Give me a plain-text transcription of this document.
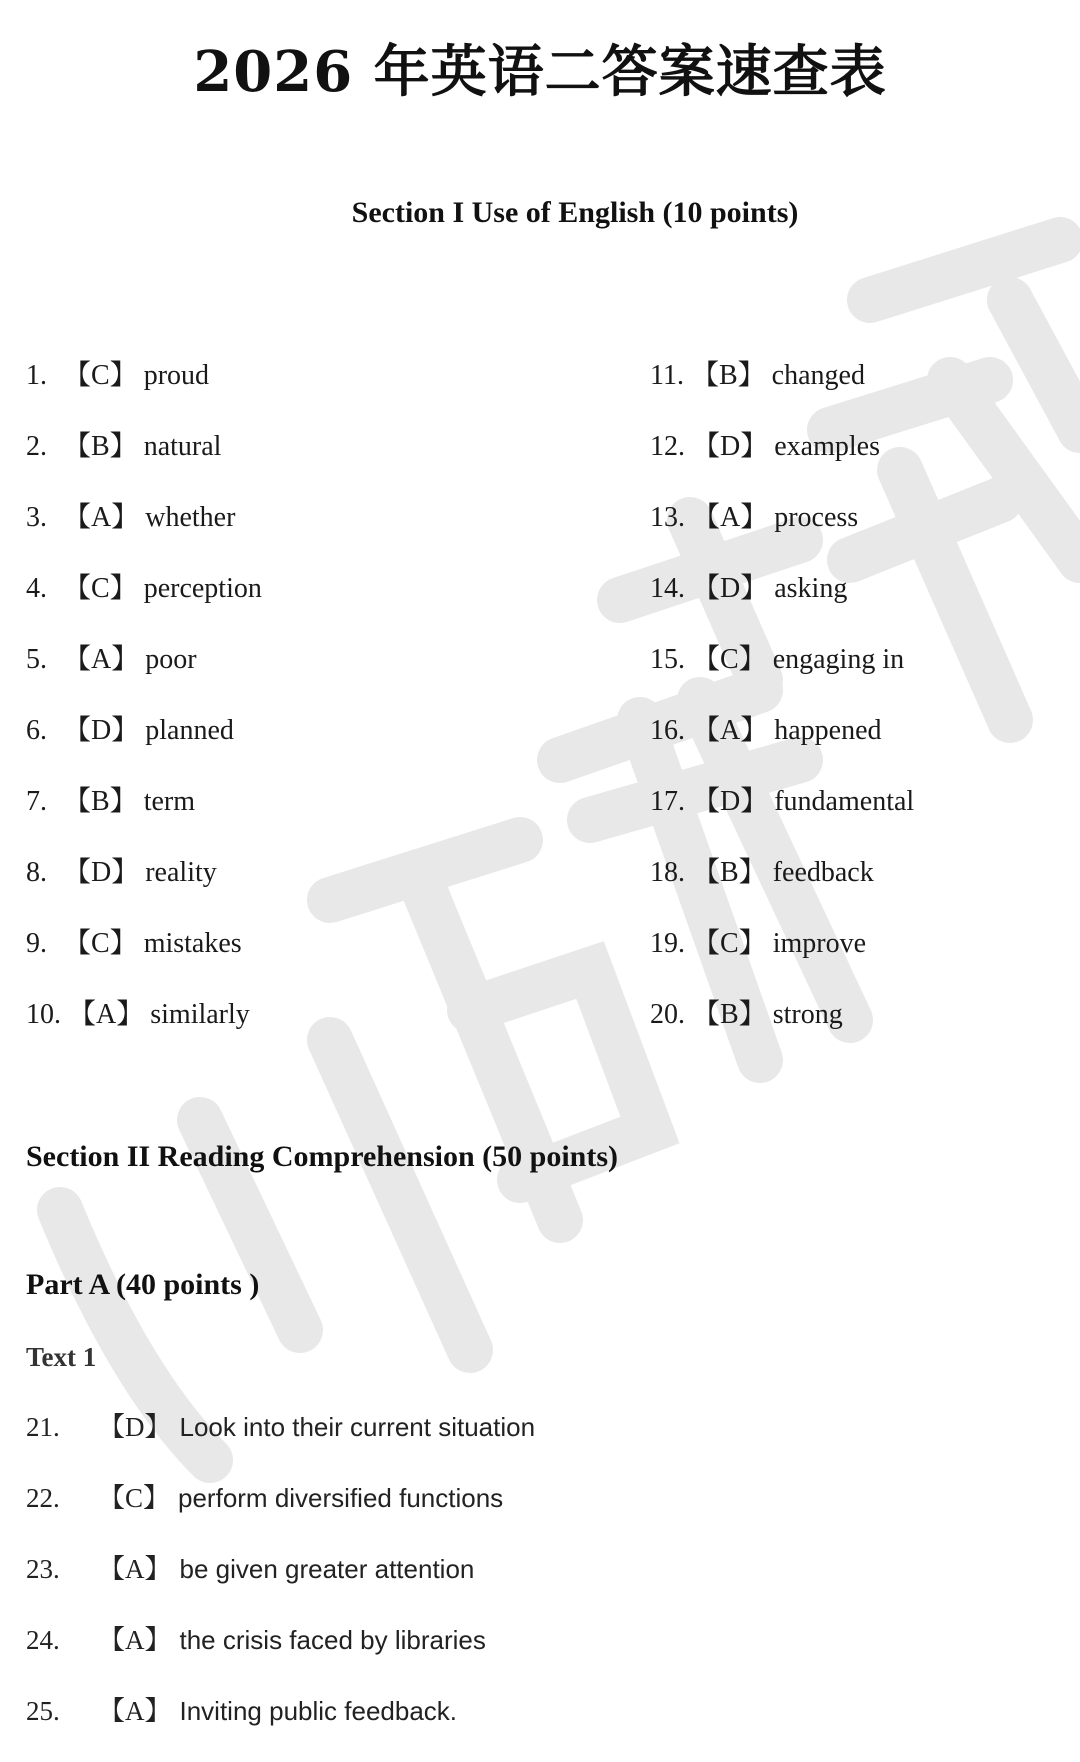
2026 年英语二答案速查表
Section I Use of English (10 points)
1. 【C】 proud
2. 【B】 natural
3. 【A】 whether
4. 【C】 perception
5. 【A】 poor
6. 【D】 planned
7. 【B】 term
8. 【D】 reality
9. 【C】 mistakes
10. 【A】 similarly
11. 【B】 changed
12. 【D】 examples
13. 【A】 process
14. 【D】 asking
15. 【C】 engaging in
16. 【A】 happened
17. 【D】 fundamental
18. 【B】 feedback
19. 【C】 improve
20. 【B】 strong
Section II Reading Comprehension (50 points)
Part A (40 points )
Text 1
21. 【D】 Look into their current situation
22. 【C】 perform diversified functions
23. 【A】 be given greater attention
24. 【A】 the crisis faced by libraries
25. 【A】 Inviting public feedback.
